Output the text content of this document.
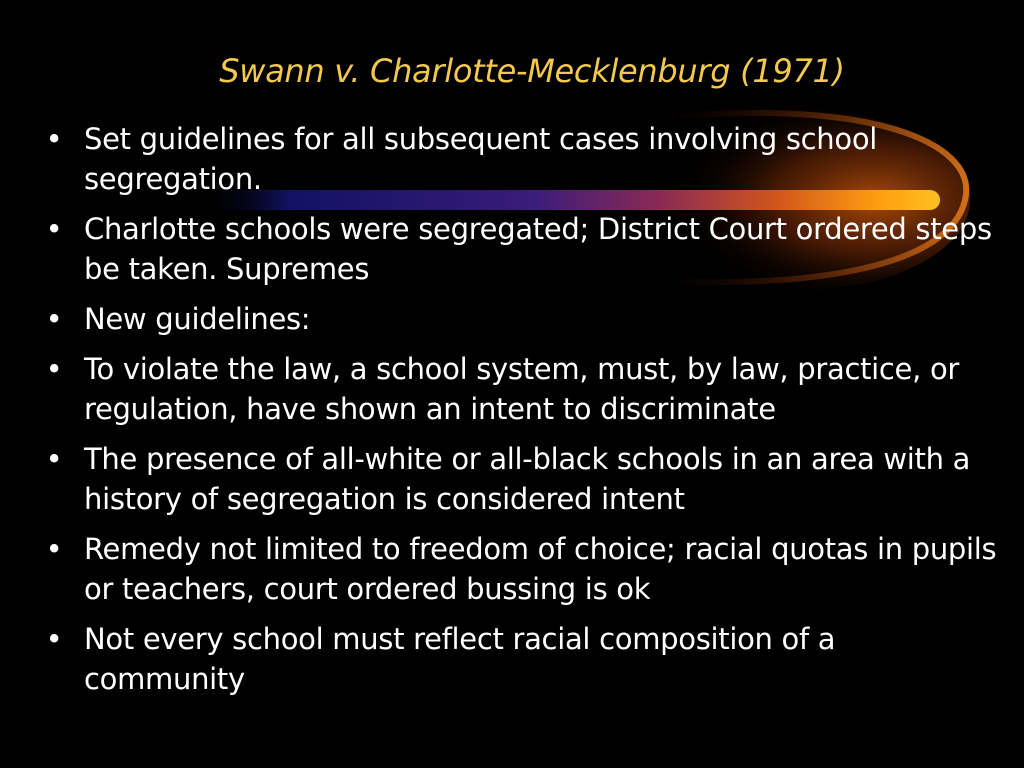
Swann v. Charlotte-Mecklenburg (1971)
• Set guidelines for all subsequent cases involving school segregation.
• Charlotte schools were segregated; District Court ordered steps be taken. Supremes
• New guidelines:
• To violate the law, a school system, must, by law, practice, or regulation, have shown an intent to discriminate
• The presence of all-white or all-black schools in an area with a history of segregation is considered intent
• Remedy not limited to freedom of choice; racial quotas in pupils or teachers, court ordered bussing is ok
• Not every school must reflect racial composition of a community
